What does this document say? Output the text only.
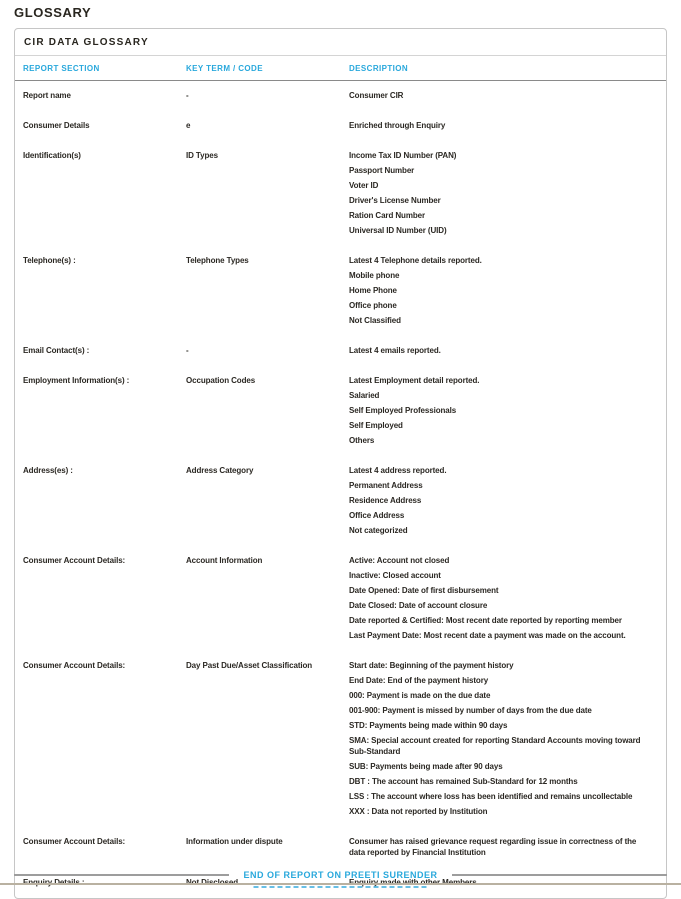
GLOSSARY
CIR DATA GLOSSARY
REPORT SECTION	KEY TERM / CODE	DESCRIPTION
Report name	-	Consumer CIR
Consumer Details	e	Enriched through Enquiry
Identification(s)	ID Types	Income Tax ID Number (PAN)
Passport Number
Voter ID
Driver's License Number
Ration Card Number
Universal ID Number (UID)
Telephone(s) :	Telephone Types	Latest 4 Telephone details reported.
Mobile phone
Home Phone
Office phone
Not Classified
Email Contact(s) :	-	Latest 4 emails reported.
Employment Information(s) :	Occupation Codes	Latest Employment detail reported.
Salaried
Self Employed Professionals
Self Employed
Others
Address(es) :	Address Category	Latest 4 address reported.
Permanent Address
Residence Address
Office Address
Not categorized
Consumer Account Details:	Account Information	Active: Account not closed
Inactive: Closed account
Date Opened: Date of first disbursement
Date Closed: Date of account closure
Date reported & Certified: Most recent date reported by reporting member
Last Payment Date: Most recent date a payment was made on the account.
Consumer Account Details:	Day Past Due/Asset Classification	Start date: Beginning of the payment history
End Date: End of the payment history
000: Payment is made on the due date
001-900: Payment is missed by number of days from the due date
STD: Payments being made within 90 days
SMA: Special account created for reporting Standard Accounts moving toward Sub-Standard
SUB: Payments being made after 90 days
DBT : The account has remained Sub-Standard for 12 months
LSS : The account where loss has been identified and remains uncollectable
XXX : Data not reported by Institution
Consumer Account Details:	Information under dispute	Consumer has raised grievance request regarding issue in correctness of the data reported by Financial Institution
END OF REPORT ON PREETI SURENDER
